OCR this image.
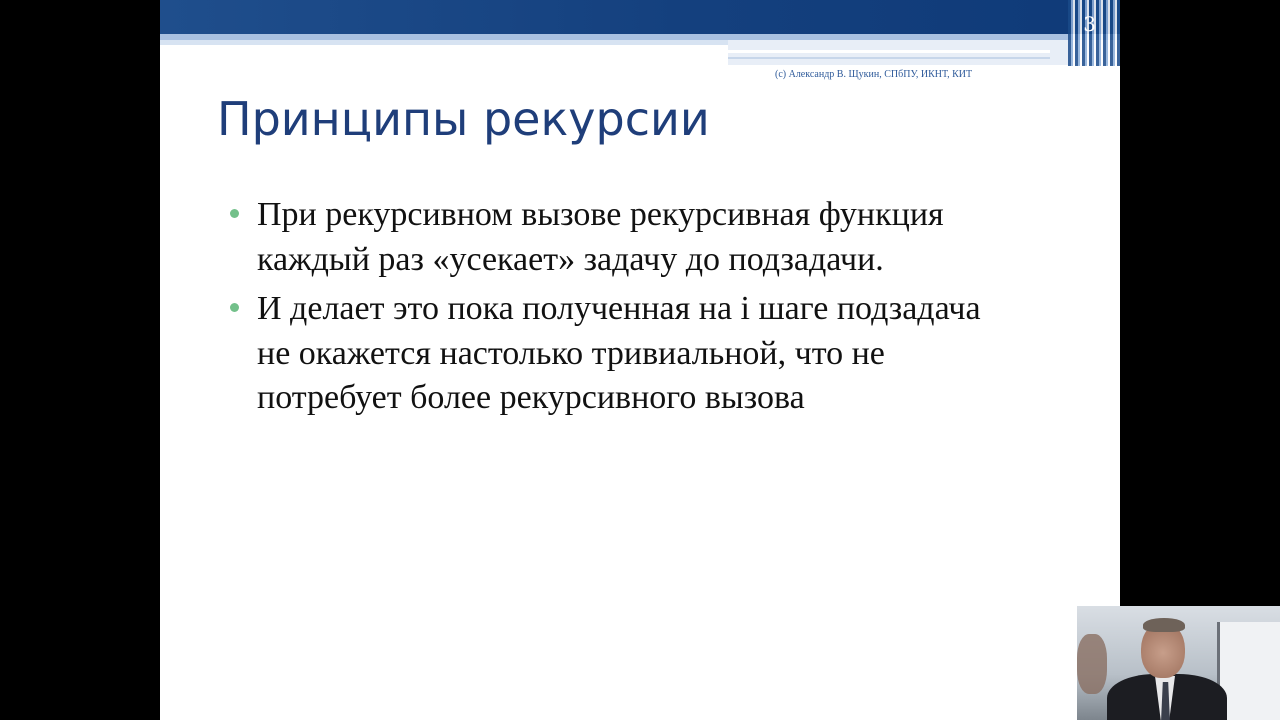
3
(c) Александр В. Щукин, СПбПУ, ИКНТ, КИТ
Принципы рекурсии
При рекурсивном вызове рекурсивная функция каждый раз «усекает» задачу до подзадачи.
И делает это пока полученная на i шаге подзадача не окажется настолько тривиальной, что не потребует более рекурсивного вызова
